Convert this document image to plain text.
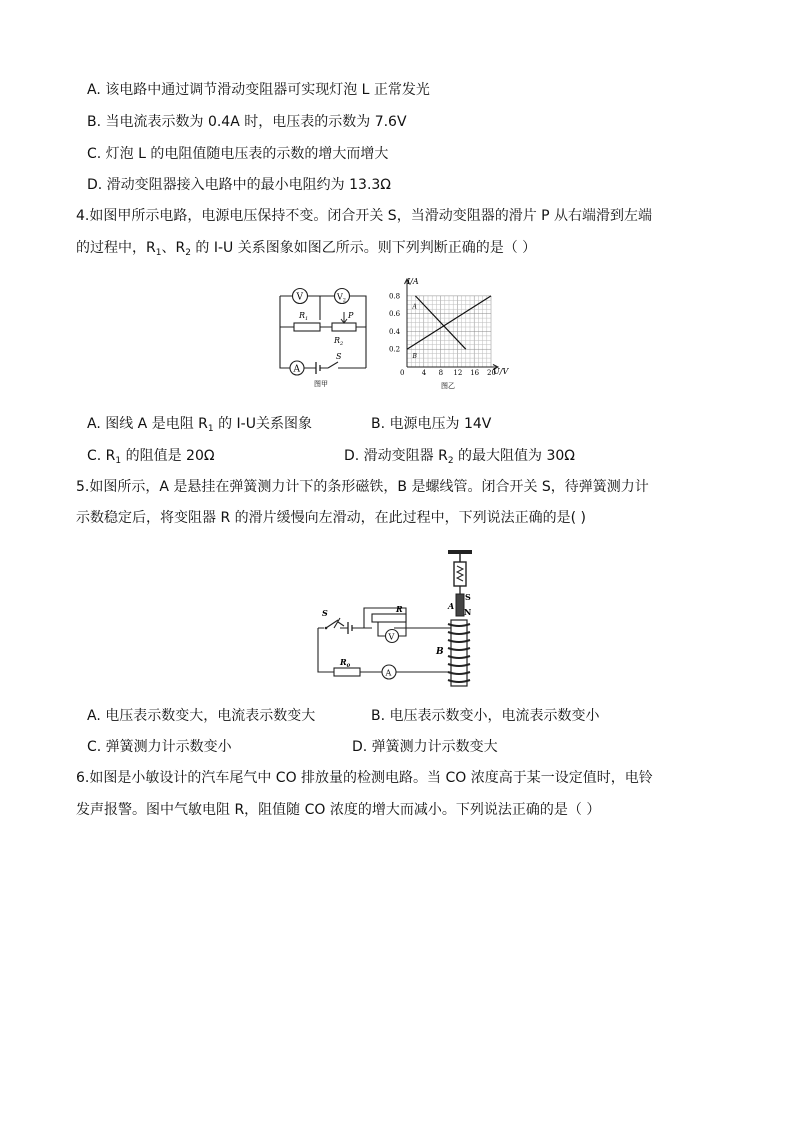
A. 该电路中通过调节滑动变阻器可实现灯泡 L 正常发光
B. 当电流表示数为 0.4A 时，电压表的示数为 7.6V
C. 灯泡 L 的电阻值随电压表的示数的增大而增大
D. 滑动变阻器接入电路中的最小电阻约为 13.3Ω
4.如图甲所示电路，电源电压保持不变。闭合开关 S，当滑动变阻器的滑片 P 从右端滑到左端
的过程中，$R_1$、$R_2$ 的 I-U 关系图象如图乙所示。则下列判断正确的是（ ）
V	$V_2$
$R_1$	P
$R_2$
A
S
图甲
0 4 8 12 16 20
0.2
0.4
0.6
0.8
A
B
I/A
U/V
图乙
A. 图线 A 是电阻 $R_1$ 的 I-U关系图象	B. 电源电压为 14V
C. $R_1$ 的阻值是 20Ω	D. 滑动变阻器 $R_2$ 的最大阻值为 30Ω
5.如图所示，A 是悬挂在弹簧测力计下的条形磁铁，B 是螺线管。闭合开关 S，待弹簧测力计
示数稳定后，将变阻器 R 的滑片缓慢向左滑动，在此过程中，下列说法正确的是( )
A
S
N
B
S	R
V
$R_0$
A
A. 电压表示数变大，电流表示数变大	B. 电压表示数变小，电流表示数变小
C. 弹簧测力计示数变小	D. 弹簧测力计示数变大
6.如图是小敏设计的汽车尾气中 CO 排放量的检测电路。当 CO 浓度高于某一设定值时，电铃
发声报警。图中气敏电阻 R，阻值随 CO 浓度的增大而减小。下列说法正确的是（ ）
